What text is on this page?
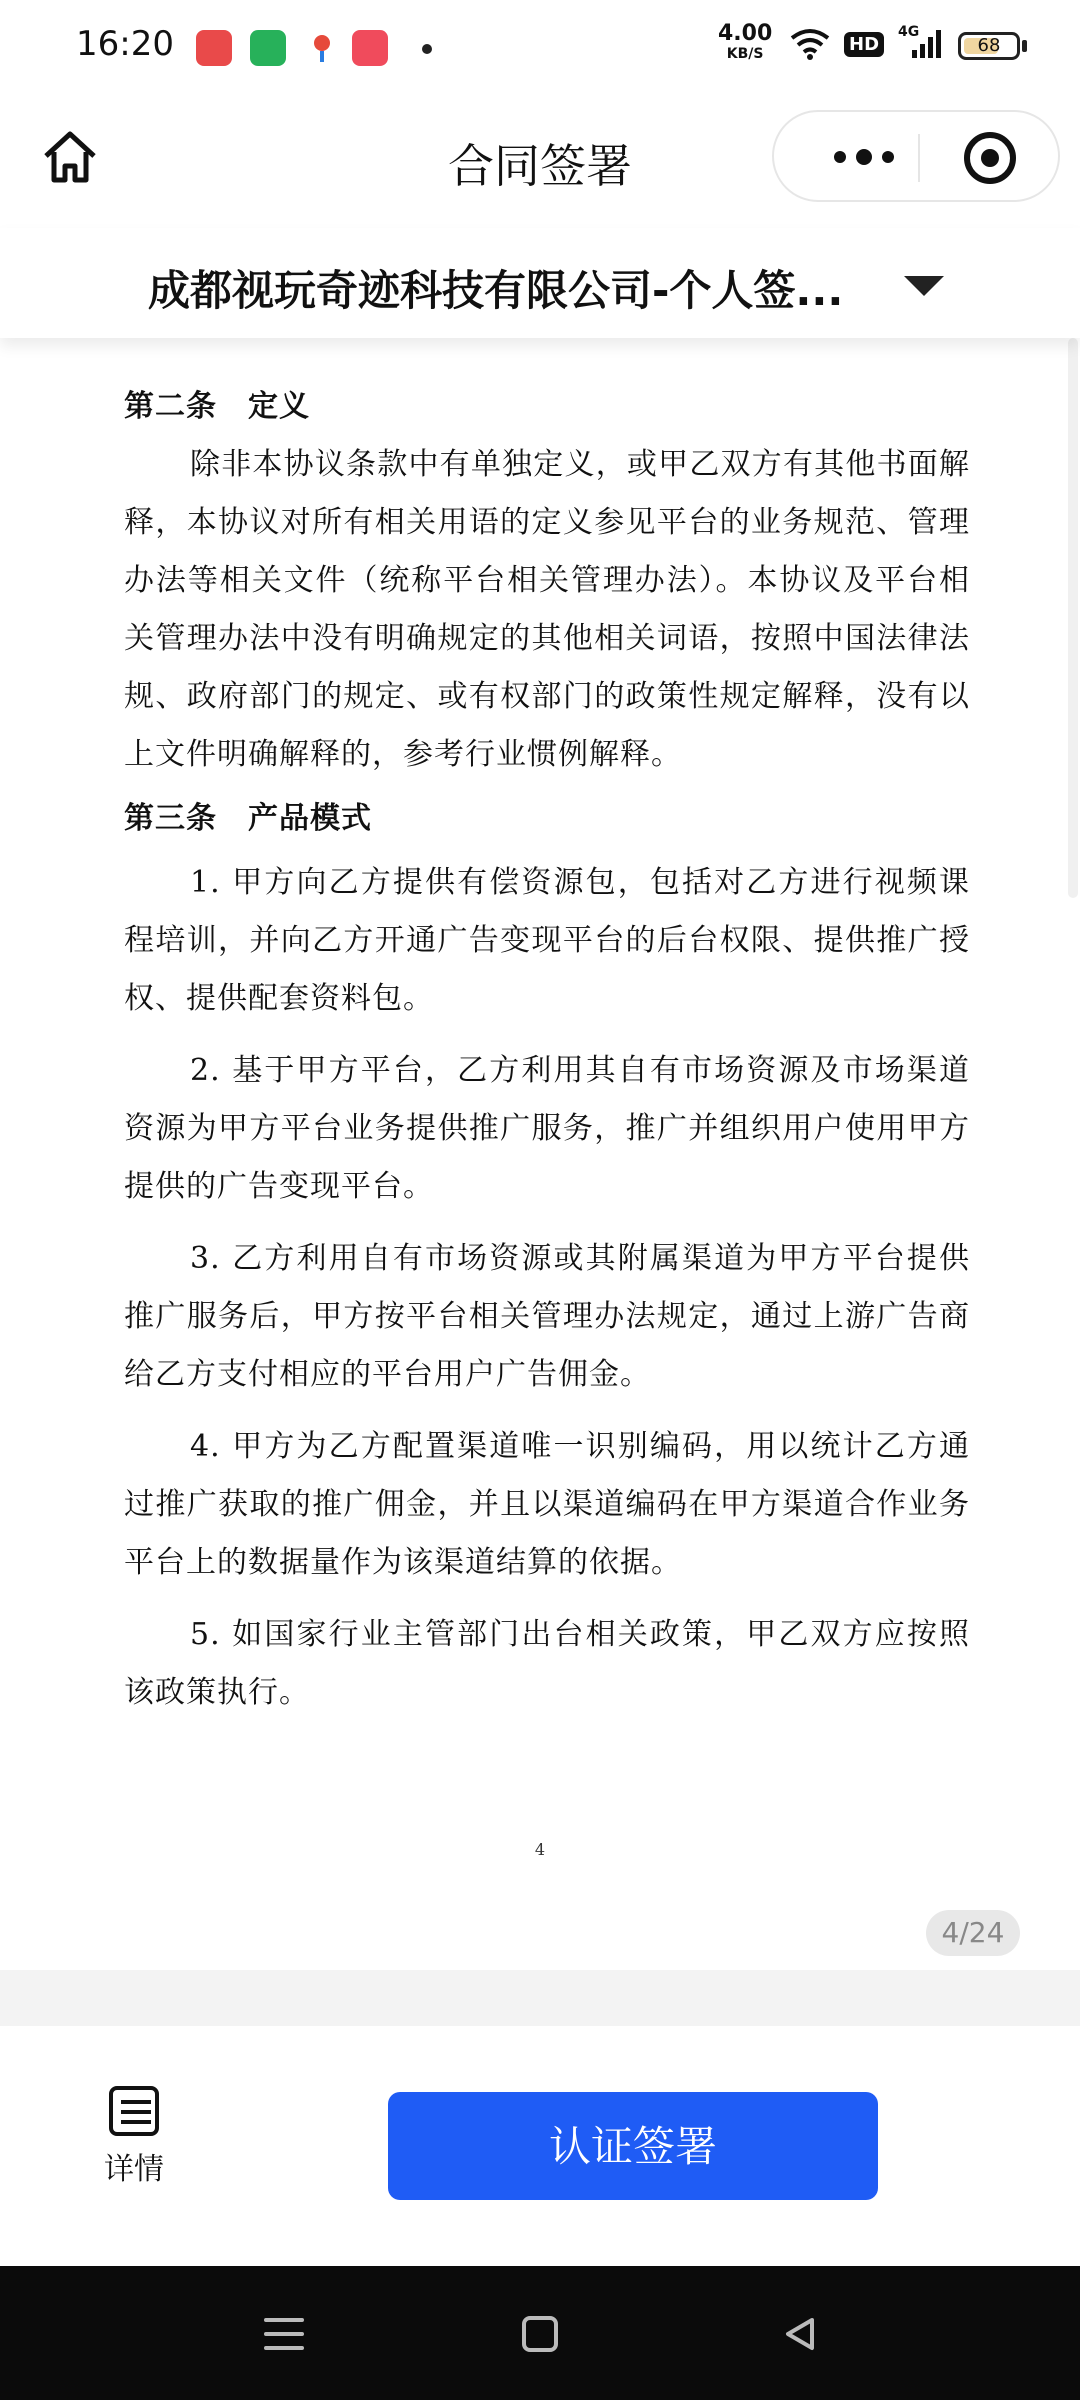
16:20	4.00
KB/S	HD
4G
68
合同签署
成都视玩奇迹科技有限公司-个人签...

第二条　定义

除非本协议条款中有单独定义，或甲乙双方有其他书面解释，本协议对所有相关用语的定义参见平台的业务规范、管理办法等相关文件（统称平台相关管理办法）。本协议及平台相关管理办法中没有明确规定的其他相关词语，按照中国法律法规、政府部门的规定、或有权部门的政策性规定解释，没有以上文件明确解释的，参考行业惯例解释。

第三条　产品模式

1. 甲方向乙方提供有偿资源包，包括对乙方进行视频课程培训，并向乙方开通广告变现平台的后台权限、提供推广授权、提供配套资料包。

2. 基于甲方平台，乙方利用其自有市场资源及市场渠道资源为甲方平台业务提供推广服务，推广并组织用户使用甲方提供的广告变现平台。

3. 乙方利用自有市场资源或其附属渠道为甲方平台提供推广服务后，甲方按平台相关管理办法规定，通过上游广告商给乙方支付相应的平台用户广告佣金。

4. 甲方为乙方配置渠道唯一识别编码，用以统计乙方通过推广获取的推广佣金，并且以渠道编码在甲方渠道合作业务平台上的数据量作为该渠道结算的依据。

5. 如国家行业主管部门出台相关政策，甲乙双方应按照该政策执行。

4
4/24
详情	认证签署
